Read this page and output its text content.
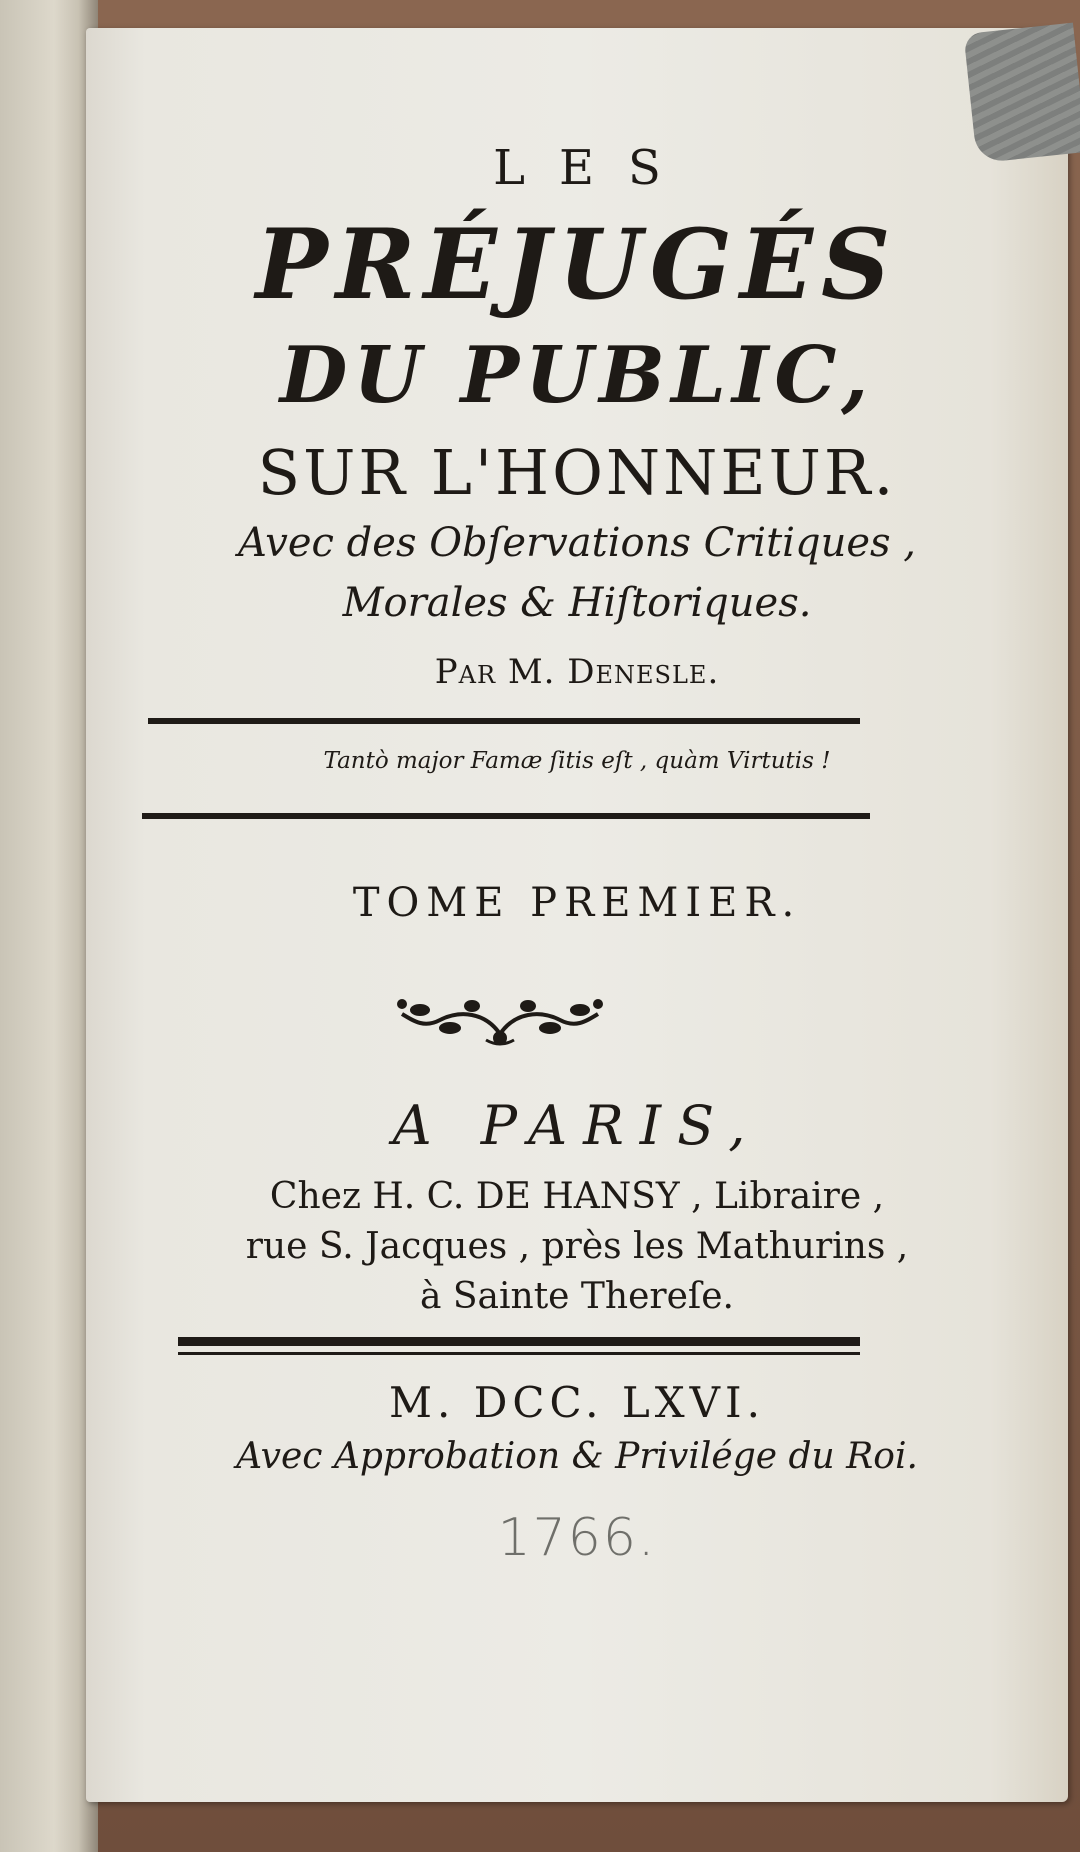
LES

PRÉJUGÉS

DU PUBLIC,

SUR L'HONNEUR.

Avec des Obſervations Critiques ,

Morales & Hiſtoriques.

Par M. Denesle.

Tantò major Famæ ſitis eſt , quàm Virtutis !

TOME PREMIER.

A PARIS,

Chez H. C. DE HANSY , Libraire ,

rue S. Jacques , près les Mathurins ,

à Sainte Thereſe.

M. DCC. LXVI.

Avec Approbation & Privilége du Roi.

1766.
